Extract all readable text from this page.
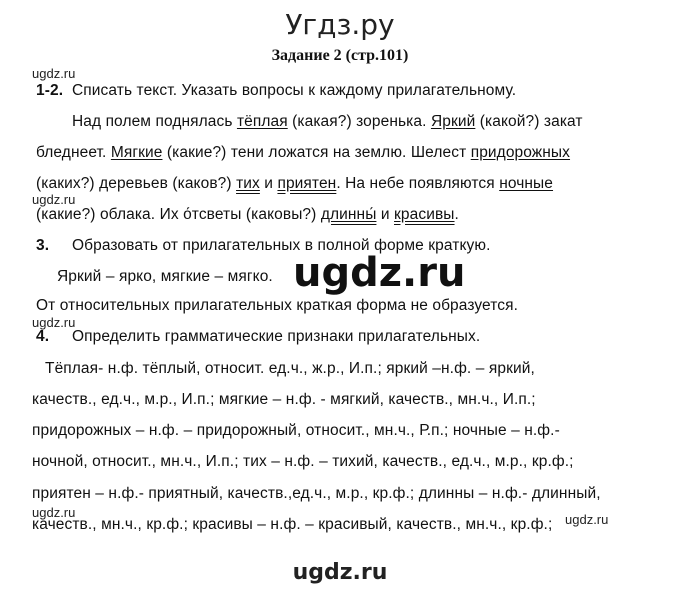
Угдз.ру
Задание 2 (стр.101)
ugdz.ru
ugdz.ru
ugdz.ru
ugdz.ru	ugdz.ru
1-2. Списать текст. Указать вопросы к каждому прилагательному.
Над полем поднялась тёплая (какая?) зоренька. Яркий (какой?) закат
бледнеет. Мягкие (какие?) тени ложатся на землю. Шелест придорожных
(каких?) деревьев (каков?) тих и приятен. На небе появляются ночные
(какие?) облака. Их о́тсветы (каковы?) длинны́ и красивы.
3. Образовать от прилагательных в полной форме краткую.
Яркий – ярко, мягкие – мягко. ugdz.ru
От относительных прилагательных краткая форма не образуется.
4. Определить грамматические признаки прилагательных.
Тёплая- н.ф. тёплый, относит. ед.ч., ж.р., И.п.; яркий –н.ф. – яркий,
качеств., ед.ч., м.р., И.п.; мягкие – н.ф. - мягкий, качеств., мн.ч., И.п.;
придорожных – н.ф. – придорожный, относит., мн.ч., Р.п.; ночные – н.ф.-
ночной, относит., мн.ч., И.п.; тих – н.ф. – тихий, качеств., ед.ч., м.р., кр.ф.;
приятен – н.ф.- приятный, качеств.,ед.ч., м.р., кр.ф.; длинны – н.ф.- длинный,
качеств., мн.ч., кр.ф.; красивы – н.ф. – красивый, качеств., мн.ч., кр.ф.;
ugdz.ru
